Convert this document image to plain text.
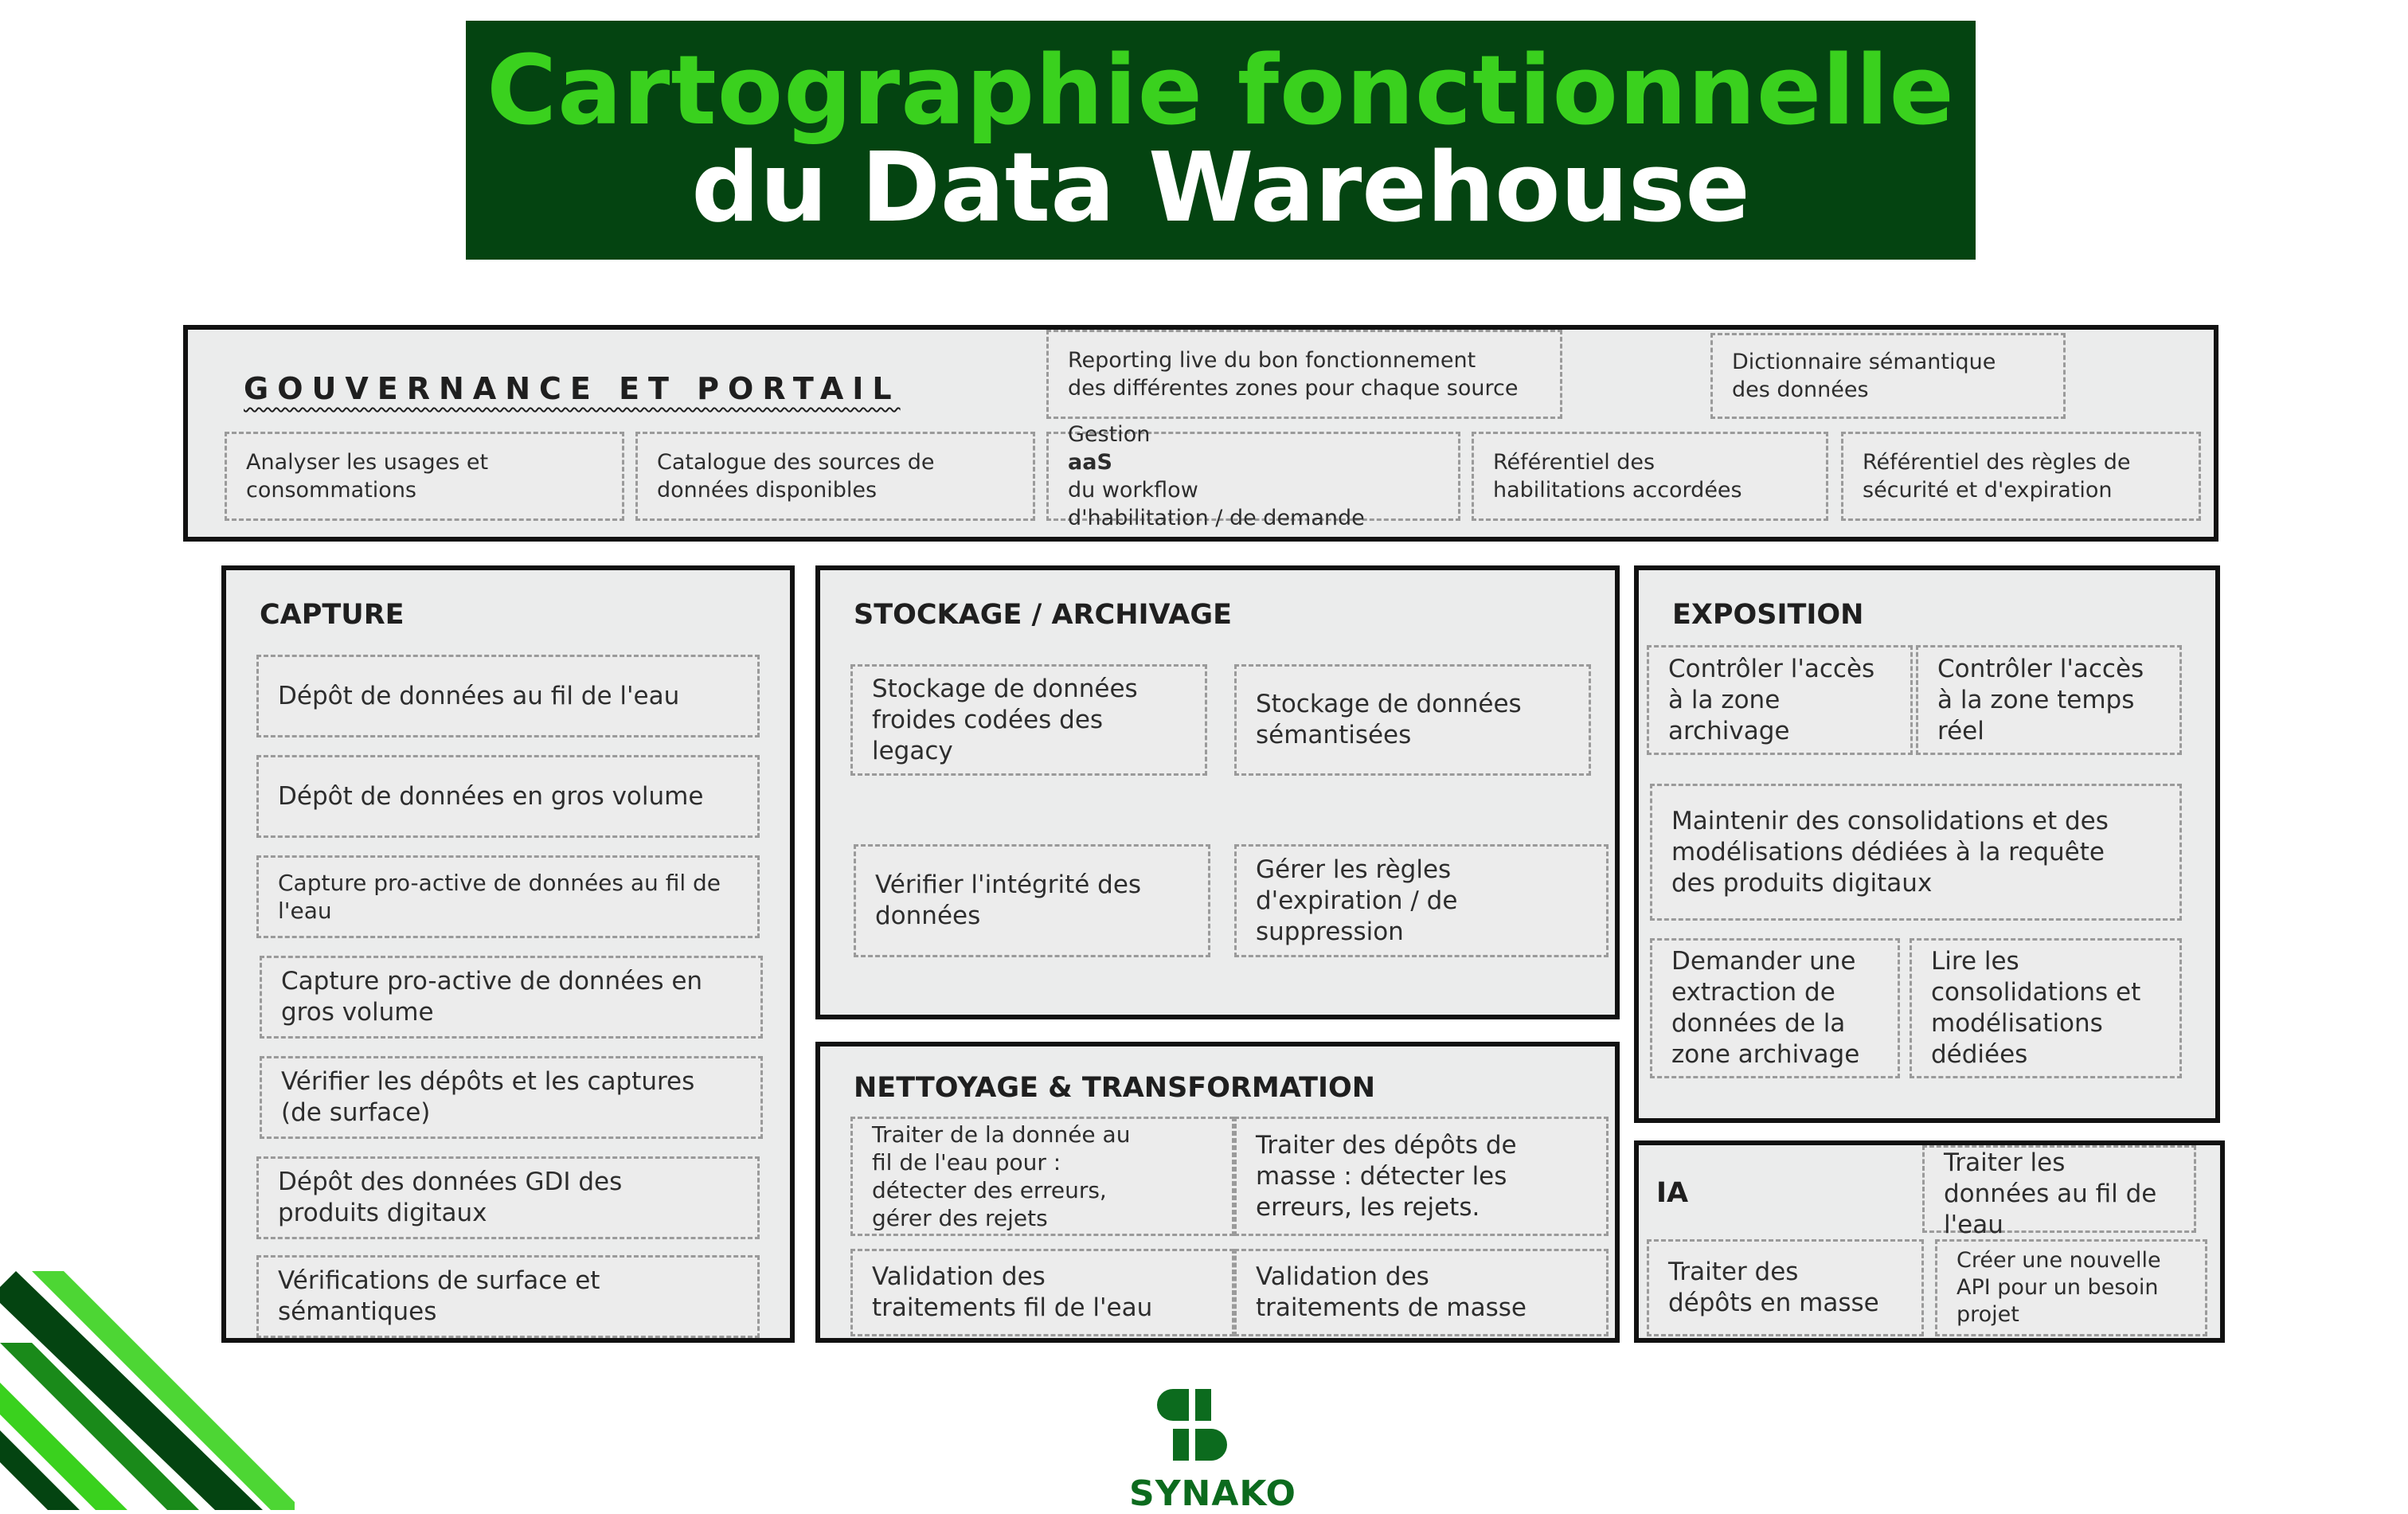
Cartographie fonctionnelle
du Data Warehouse
GOUVERNANCE ET PORTAIL
Analyser les usages et
consommations
Catalogue des sources de
données disponibles
Reporting live du bon fonctionnement
des différentes zones pour chaque source
Gestion
aaS
du workflow
d'habilitation / de demande
Référentiel des
habilitations accordées
Dictionnaire sémantique
des données
Référentiel des règles de
sécurité et d'expiration
CAPTURE
Dépôt de données au fil de l'eau
Dépôt de données en gros volume
Capture pro-active de données au fil de
l'eau
Capture pro-active de données en
gros volume
Vérifier les dépôts et les captures
(de surface)
Dépôt des données GDI des
produits digitaux
Vérifications de surface et
sémantiques
STOCKAGE / ARCHIVAGE
Stockage de données
froides codées des
legacy
Stockage de données
sémantisées
Vérifier l'intégrité des
données
Gérer les règles
d'expiration / de
suppression
NETTOYAGE & TRANSFORMATION
Traiter de la donnée au
fil de l'eau pour :
détecter des erreurs,
gérer des rejets
Traiter des dépôts de
masse : détecter les
erreurs, les rejets.
Validation des
traitements fil de l'eau
Validation des
traitements de masse
EXPOSITION
Contrôler l'accès
à la zone
archivage
Contrôler l'accès
à la zone temps
réel
Maintenir des consolidations et des
modélisations dédiées à la requête
des produits digitaux
Demander une
extraction de
données de la
zone archivage
Lire les
consolidations et
modélisations
dédiées
IA
Traiter les
données au fil de
l'eau
Traiter des
dépôts en masse
Créer une nouvelle
API pour un besoin
projet
SYNAKO
